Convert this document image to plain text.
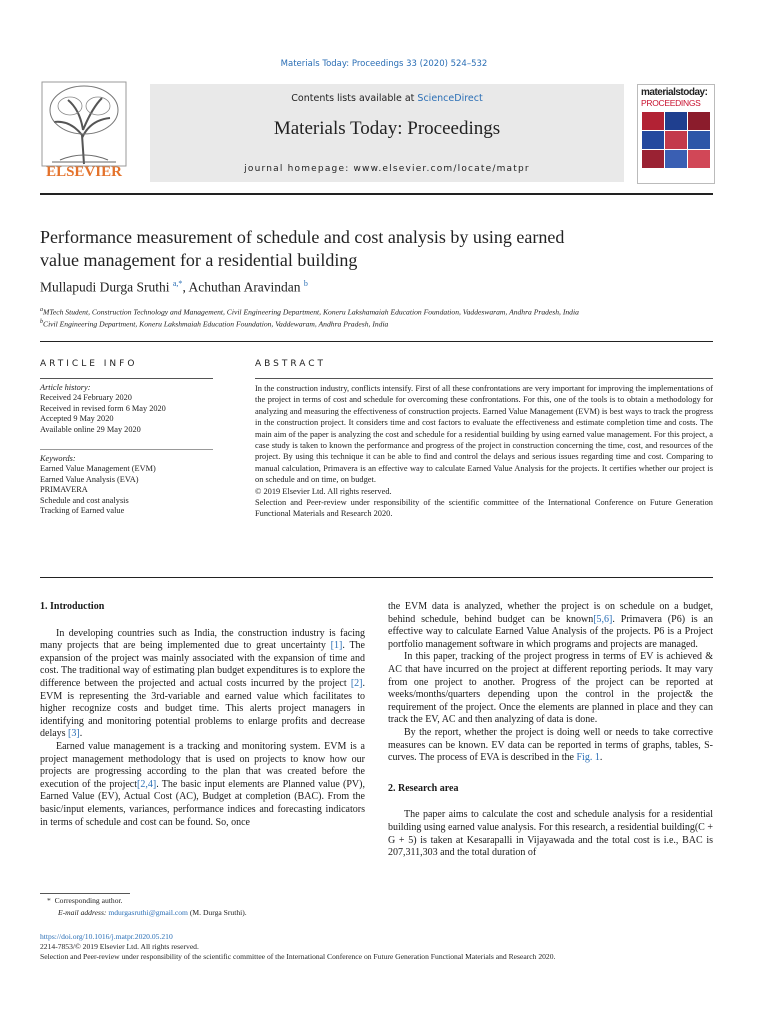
Materials Today: Proceedings 33 (2020) 524–532
ELSEVIER
Contents lists available at ScienceDirect
Materials Today: Proceedings
journal homepage: www.elsevier.com/locate/matpr
materialstoday:
PROCEEDINGS
Performance measurement of schedule and cost analysis by using earned
value management for a residential building
Mullapudi Durga Sruthi $^{a,*}$, Achuthan Aravindan $^b$
$^a$MTech Student, Construction Technology and Management, Civil Engineering Department, Koneru Lakshamaiah Education Foundation, Vaddeswaram, Andhra Pradesh, India
$^b$Civil Engineering Department, Koneru Lakshmaiah Education Foundation, Vaddewaram, Andhra Pradesh, India
ARTICLE INFO
Article history:
Received 24 February 2020
Received in revised form 6 May 2020
Accepted 9 May 2020
Available online 29 May 2020
Keywords:
Earned Value Management (EVM)
Earned Value Analysis (EVA)
PRIMAVERA
Schedule and cost analysis
Tracking of Earned value
ABSTRACT

In the construction industry, conflicts intensify. First of all these confrontations are very important for improving the implementations of the project in terms of cost and schedule for overcoming these confrontations. For this, one of the tools is to obtain a methodology for analyzing and measuring the effectiveness of construction projects. Earned Value Management (EVM) is best ways to track the progress in the construction project. It considers time and cost factors to evaluate the effectiveness and estimate completion time and costs. The main aim of the paper is analyzing the cost and schedule for a residential building by using earned value management. For this project, a case study is taken to known the performance and progress of the project in construction concerning the time, cost, and resources of the project. By using this technique it can be able to find and control the delays and serious issues regarding time and cost. Comparing to manual calculation, Primavera is an effective way to calculate Earned Value Analysis for the projects. It certifies whether our project is on schedule and on time, on budget.

© 2019 Elsevier Ltd. All rights reserved.

Selection and Peer-review under responsibility of the scientific committee of the International Conference on Future Generation Functional Materials and Research 2020.

1. Introduction

In developing countries such as India, the construction industry is facing many projects that are being implemented due to great uncertainty [1]. The expansion of the project was mainly associated with the expansion of time and cost. The traditional way of estimating plan budget expenditures is to explore the difference between the projected and actual costs incurred by the project [2]. EVM is representing the 3rd-variable and earned value which facilitates to higher recognize costs and budget time. This alerts project managers in identifying and monitoring potential problems to enlarge profits and decrease delays [3].

Earned value management is a tracking and monitoring system. EVM is a project management methodology that is used on projects to know how our projects are progressing according to the plan that was created before the execution of the project[2,4]. The basic input elements are Planned value (PV), Earned Value (EV), Actual Cost (AC), Budget at completion (BAC). From the basic/input elements, variances, performance indices and forecasting indicators in terms of schedule and cost can be found. So, once

the EVM data is analyzed, whether the project is on schedule on a budget, behind schedule, behind budget can be known[5,6]. Primavera (P6) is an effective way to calculate Earned Value Analysis of the projects. P6 is a Project portfolio management software in which programs and projects are managed.

In this paper, tracking of the project progress in terms of EV is achieved & AC that have incurred on the project at different reporting periods. It may vary from one project to another. Progress of the project can be reported at weeks/months/quarters depending upon the control in the project& the requirement of the project. Once the elements are planned in place and they can track the EV, AC and then analyzing of data is done.

By the report, whether the project is doing well or needs to take corrective measures can be known. EV data can be reported in terms of graphs, tables, S-curves. The process of EVA is described in the Fig. 1.

2. Research area

The paper aims to calculate the cost and schedule analysis for a residential building using earned value analysis. For this research, a residential building(C + G + 5) is taken at Kesarapalli in Vijayawada and the total cost is i.e., BAC is 207,311,303 and the total duration of

* Corresponding author.
E-mail address: mdurgasruthi@gmail.com (M. Durga Sruthi).
https://doi.org/10.1016/j.matpr.2020.05.210
2214-7853/© 2019 Elsevier Ltd. All rights reserved.
Selection and Peer-review under responsibility of the scientific committee of the International Conference on Future Generation Functional Materials and Research 2020.
